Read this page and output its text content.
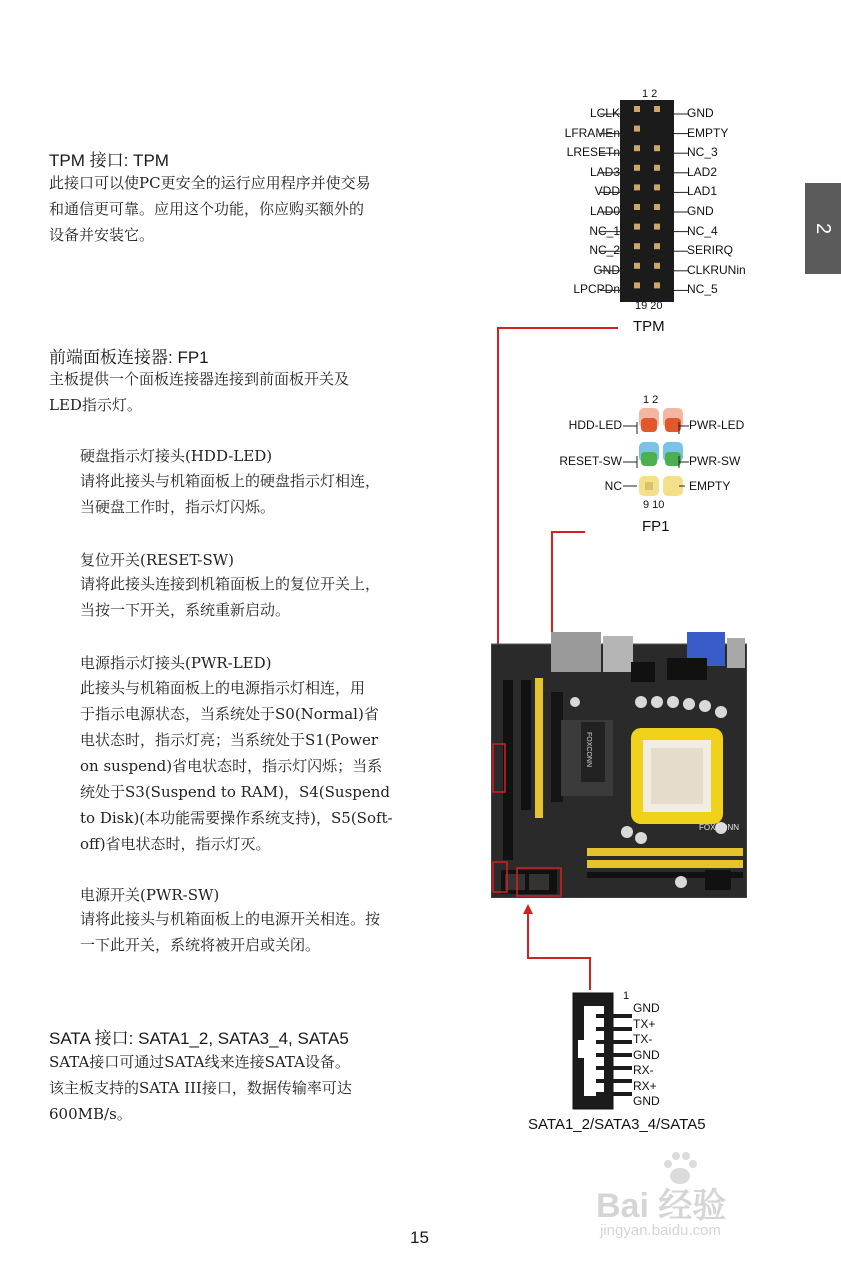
2
TPM 接口: TPM
此接口可以使PC更安全的运行应用程序并使交易
和通信更可靠。应用这个功能，你应购买额外的
设备并安装它。
前端面板连接器: FP1
主板提供一个面板连接器连接到前面板开关及
LED指示灯。
硬盘指示灯接头(HDD-LED)
请将此接头与机箱面板上的硬盘指示灯相连，
当硬盘工作时，指示灯闪烁。
复位开关(RESET-SW)
请将此接头连接到机箱面板上的复位开关上，
当按一下开关，系统重新启动。
电源指示灯接头(PWR-LED)
此接头与机箱面板上的电源指示灯相连，用
于指示电源状态，当系统处于S0(Normal)省
电状态时，指示灯亮；当系统处于S1(Power
on suspend)省电状态时，指示灯闪烁；当系
统处于S3(Suspend to RAM)，S4(Suspend
to Disk)(本功能需要操作系统支持)，S5(Soft-
off)省电状态时，指示灯灭。
电源开关(PWR-SW)
请将此接头与机箱面板上的电源开关相连。按
一下此开关，系统将被开启或关闭。
SATA 接口: SATA1_2, SATA3_4, SATA5
SATA接口可通过SATA线来连接SATA设备。
该主板支持的SATA III接口，数据传输率可达
600MB/s。
1 2
LCLK
LFRAMEn
LRESETn
LAD3
VDD
LAD0
NC_1
NC_2
GND
LPCPDn
GND
EMPTY
NC_3
LAD2
LAD1
GND
NC_4
SERIRQ
CLKRUNin
NC_5
19 20
TPM
1 2
HDD-LED
RESET-SW
NC
PWR-LED
PWR-SW
EMPTY
9 10
FP1
FOXCONN
FOXCONN
1
GND
TX+
TX-
GND
RX-
RX+
GND
SATA1_2/SATA3_4/SATA5
15
Bai 经验
jingyan.baidu.com
